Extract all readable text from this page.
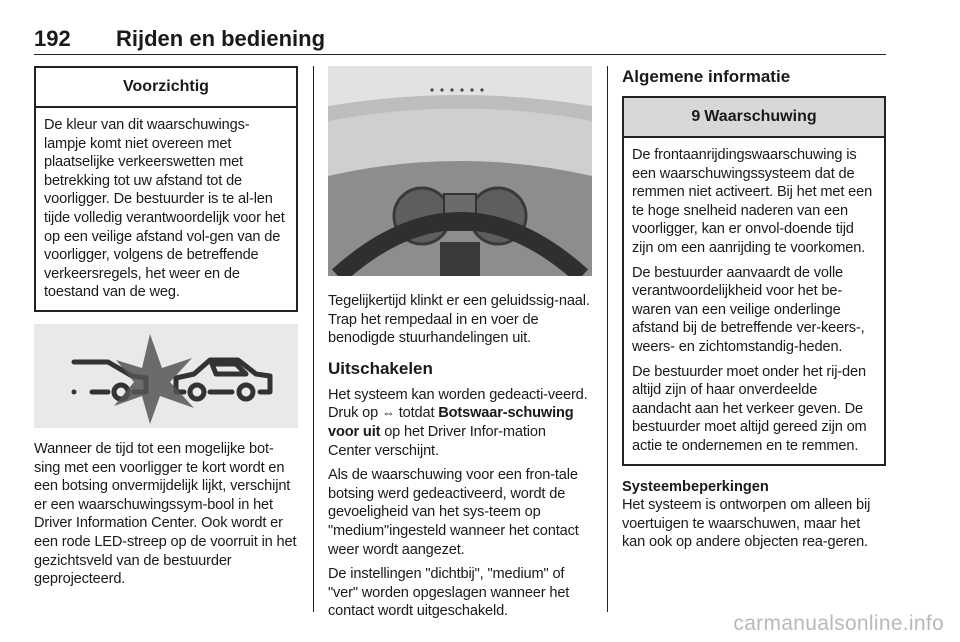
192 Rijden en bediening
Voorzichtig

De kleur van dit waarschuwings-lampje komt niet overeen met plaatselijke verkeerswetten met betrekking tot uw afstand tot de voorligger. De bestuurder is te al-len tijde volledig verantwoordelijk voor het op een veilige afstand vol-gen van de voorligger, volgens de betreffende verkeersregels, het weer en de toestand van de weg.

Wanneer de tijd tot een mogelijke bot-sing met een voorligger te kort wordt en een botsing onvermijdelijk lijkt, verschijnt er een waarschuwingssym-bool in het Driver Information Center. Ook wordt er een rode LED-streep op de voorruit in het gezichtsveld van de bestuurder geprojecteerd.

Tegelijkertijd klinkt er een geluidssig-naal. Trap het rempedaal in en voer de benodigde stuurhandelingen uit.

Uitschakelen

Het systeem kan worden gedeacti-veerd. Druk op ⇔ totdat Botswaar-schuwing voor uit op het Driver Infor-mation Center verschijnt.

Als de waarschuwing voor een fron-tale botsing werd gedeactiveerd, wordt de gevoeligheid van het sys-teem op "medium"ingesteld wanneer het contact weer wordt aangezet.

De instellingen "dichtbij", "medium" of "ver" worden opgeslagen wanneer het contact wordt uitgeschakeld.

Algemene informatie
9 Waarschuwing

De frontaanrijdingswaarschuwing is een waarschuwingssysteem dat de remmen niet activeert. Bij het met een te hoge snelheid naderen van een voorligger, kan er onvol-doende tijd zijn om een aanrijding te voorkomen.

De bestuurder aanvaardt de volle verantwoordelijkheid voor het be-waren van een veilige onderlinge afstand bij de betreffende ver-keers-, weers- en zichtomstandig-heden.

De bestuurder moet onder het rij-den altijd zijn of haar onverdeelde aandacht aan het verkeer geven. De bestuurder moet altijd gereed zijn om actie te ondernemen en te remmen.

Systeembeperkingen

Het systeem is ontworpen om alleen bij voertuigen te waarschuwen, maar het kan ook op andere objecten rea-geren.

carmanualsonline.info
